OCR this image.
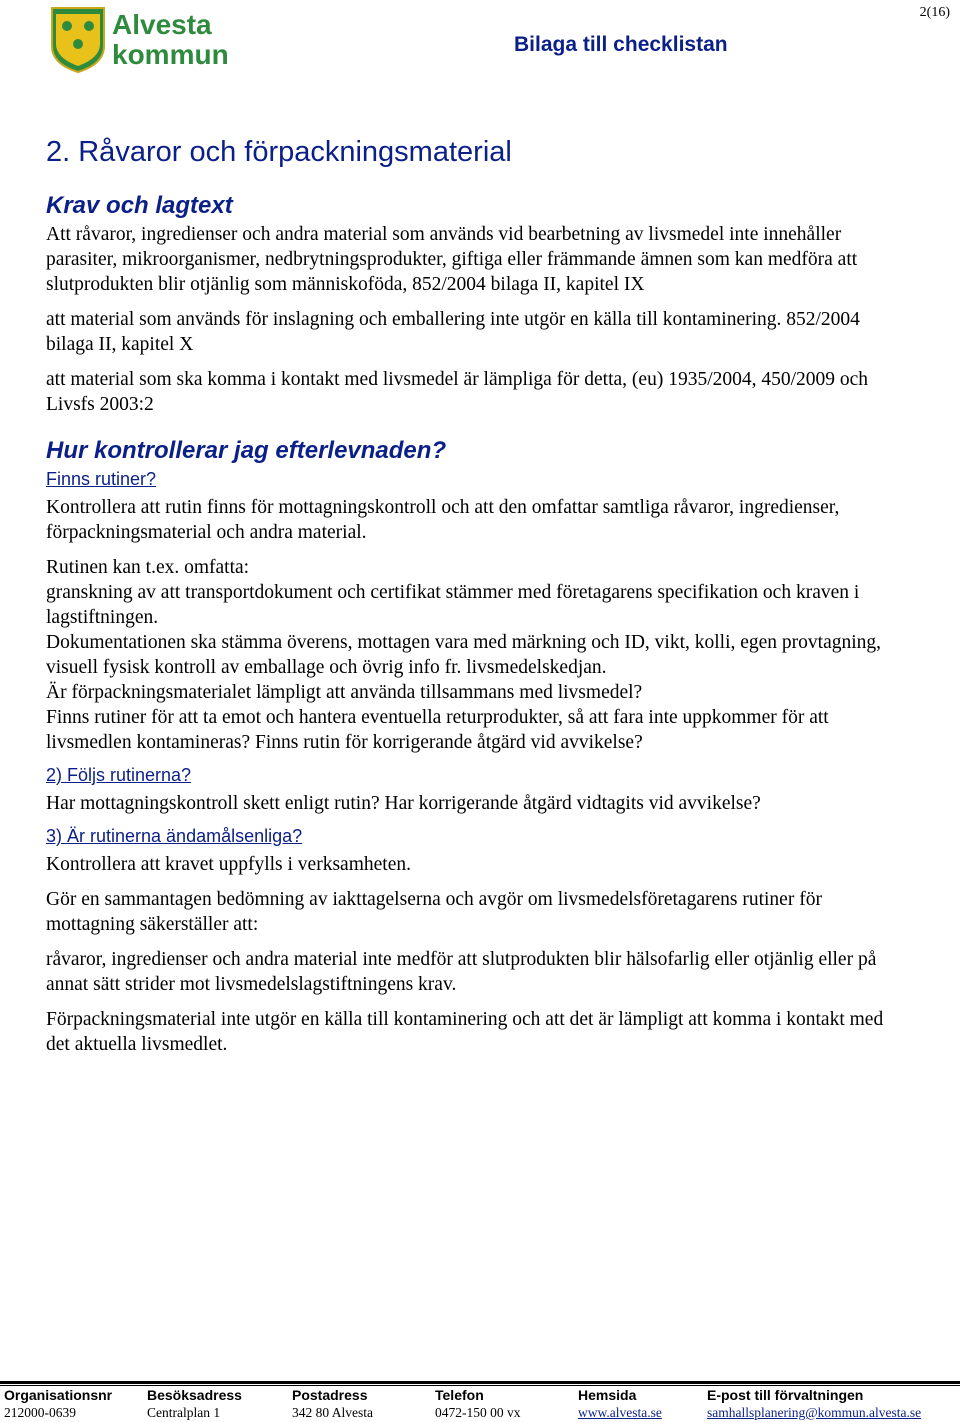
Alvesta
kommun
2(16)
Bilaga till checklistan
2. Råvaror och förpackningsmaterial
Krav och lagtext

Att råvaror, ingredienser och andra material som används vid bearbetning av livsmedel inte innehåller parasiter, mikroorganismer, nedbrytningsprodukter, giftiga eller främmande ämnen som kan medföra att slutprodukten blir otjänlig som människoföda, 852/2004 bilaga II, kapitel IX

att material som används för inslagning och emballering inte utgör en källa till kontaminering. 852/2004 bilaga II, kapitel X

att material som ska komma i kontakt med livsmedel är lämpliga för detta, (eu) 1935/2004, 450/2009 och Livsfs 2003:2

Hur kontrollerar jag efterlevnaden?
Finns rutiner?

Kontrollera att rutin finns för mottagningskontroll och att den omfattar samtliga råvaror, ingredienser, förpackningsmaterial och andra material.

Rutinen kan t.ex. omfatta:

granskning av att transportdokument och certifikat stämmer med företagarens specifikation och kraven i lagstiftningen.

Dokumentationen ska stämma överens, mottagen vara med märkning och ID, vikt, kolli, egen provtagning, visuell fysisk kontroll av emballage och övrig info fr. livsmedelskedjan.

Är förpackningsmaterialet lämpligt att använda tillsammans med livsmedel?

Finns rutiner för att ta emot och hantera eventuella returprodukter, så att fara inte uppkommer för att livsmedlen kontamineras? Finns rutin för korrigerande åtgärd vid avvikelse?

2) Följs rutinerna?

Har mottagningskontroll skett enligt rutin? Har korrigerande åtgärd vidtagits vid avvikelse?

3) Är rutinerna ändamålsenliga?

Kontrollera att kravet uppfylls i verksamheten.

Gör en sammantagen bedömning av iakttagelserna och avgör om livsmedelsföretagarens rutiner för mottagning säkerställer att:

råvaror, ingredienser och andra material inte medför att slutprodukten blir hälsofarlig eller otjänlig eller på annat sätt strider mot livsmedelslagstiftningens krav.

Förpackningsmaterial inte utgör en källa till kontaminering och att det är lämpligt att komma i kontakt med det aktuella livsmedlet.

Organisationsnr
212000-0639
Besöksadress
Centralplan 1
Postadress
342 80 Alvesta
Telefon
0472-150 00 vx
Hemsida
www.alvesta.se
E-post till förvaltningen
samhallsplanering@kommun.alvesta.se
